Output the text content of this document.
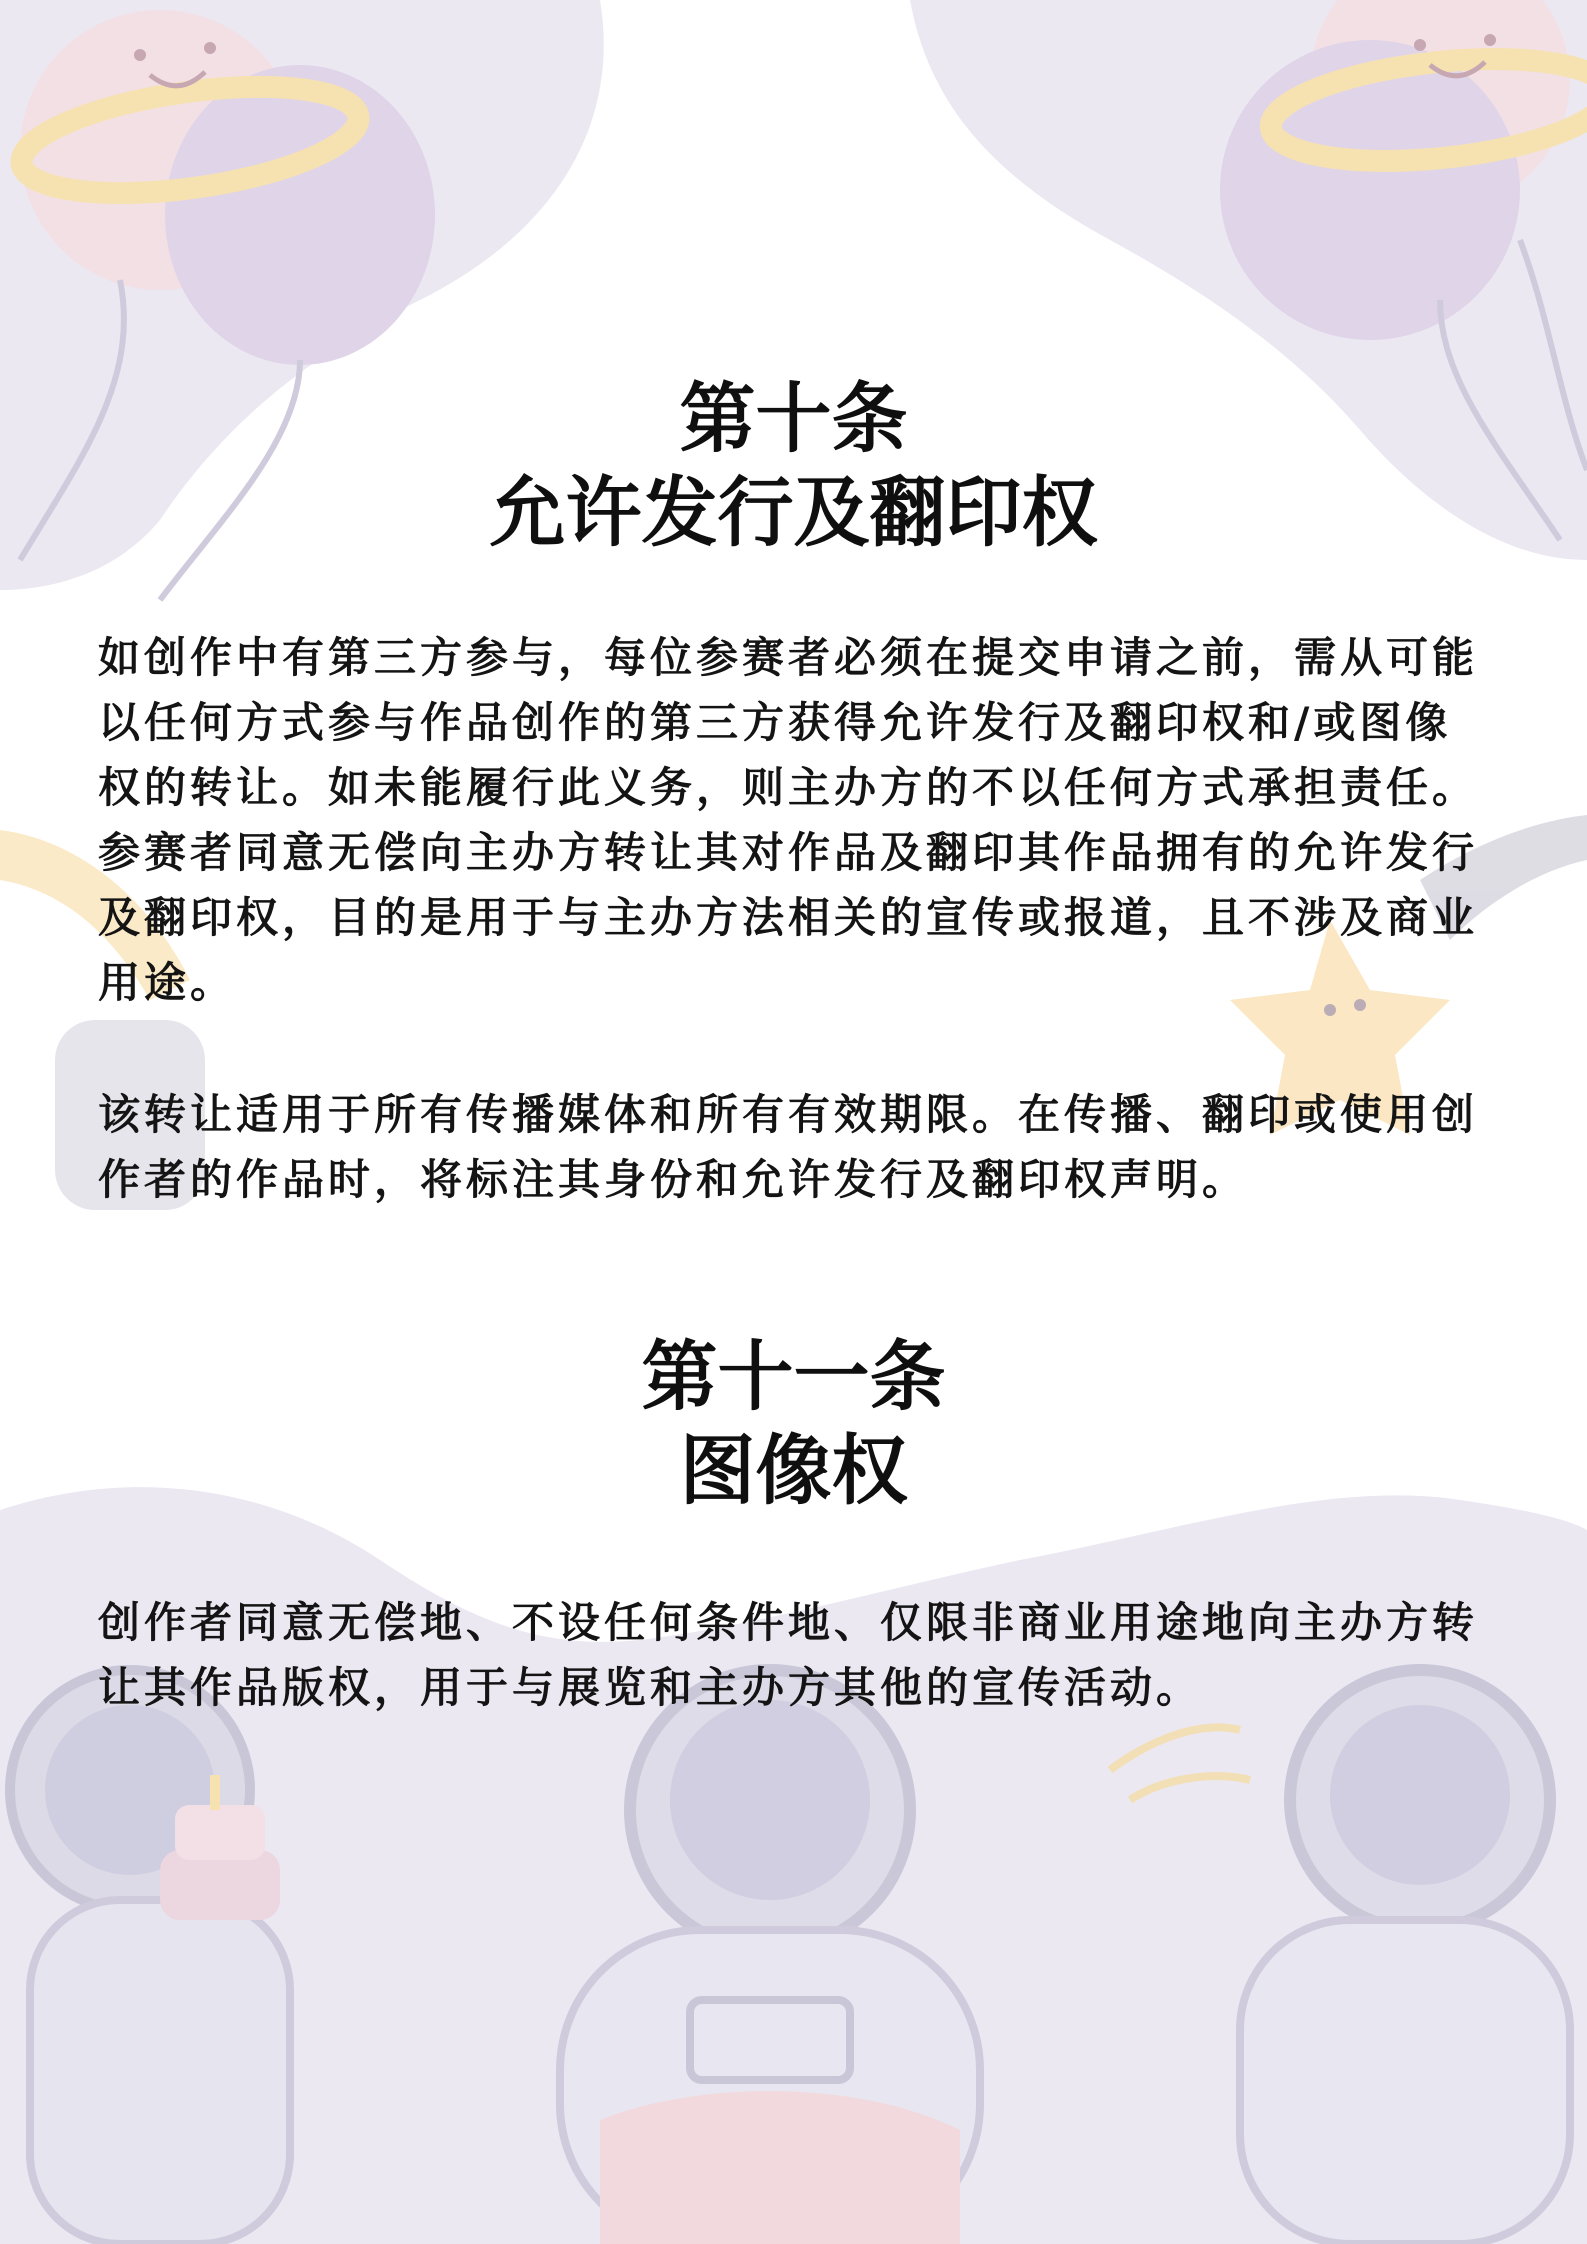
第十条
允许发行及翻印权

如创作中有第三方参与，每位参赛者必须在提交申请之前，需从可能以任何方式参与作品创作的第三方获得允许发行及翻印权和/或图像权的转让。如未能履行此义务，则主办方的不以任何方式承担责任。参赛者同意无偿向主办方转让其对作品及翻印其作品拥有的允许发行及翻印权，目的是用于与主办方法相关的宣传或报道，且不涉及商业用途。

该转让适用于所有传播媒体和所有有效期限。在传播、翻印或使用创作者的作品时，将标注其身份和允许发行及翻印权声明。

第十一条
图像权

创作者同意无偿地、不设任何条件地、仅限非商业用途地向主办方转让其作品版权，用于与展览和主办方其他的宣传活动。
